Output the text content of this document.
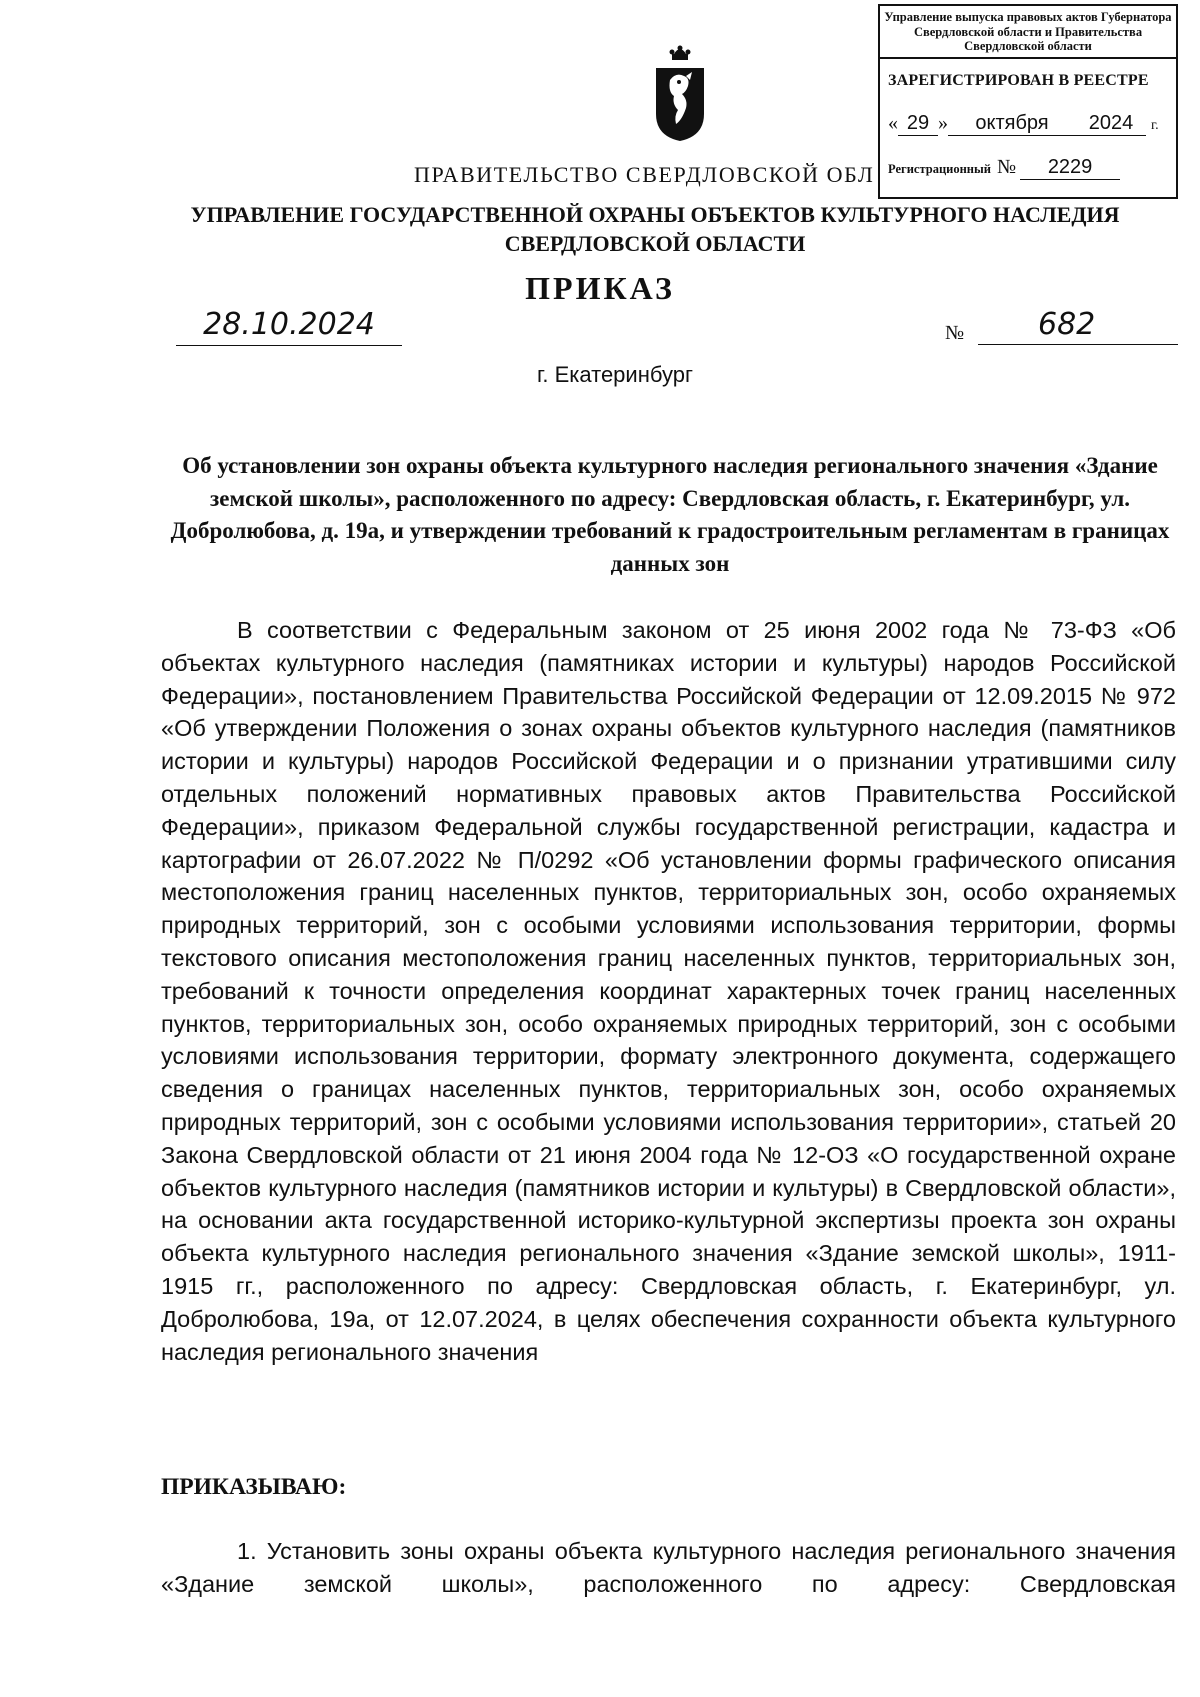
Управление выпуска правовых актов Губернатора Свердловской области и Правительства Свердловской области
ЗАРЕГИСТРИРОВАН В РЕЕСТРЕ
« 29 » октября 2024 г.
Регистрационный № 2229
ПРАВИТЕЛЬСТВО СВЕРДЛОВСКОЙ ОБЛ
УПРАВЛЕНИЕ ГОСУДАРСТВЕННОЙ ОХРАНЫ ОБЪЕКТОВ КУЛЬТУРНОГО НАСЛЕДИЯ СВЕРДЛОВСКОЙ ОБЛАСТИ
ПРИКАЗ
28.10.2024	№	682
г. Екатеринбург
Об установлении зон охраны объекта культурного наследия регионального значения «Здание земской школы», расположенного по адресу: Свердловская область, г. Екатеринбург, ул. Добролюбова, д. 19а, и утверждении требований к градостроительным регламентам в границах данных зон

В соответствии с Федеральным законом от 25 июня 2002 года № 73-ФЗ «Об объектах культурного наследия (памятниках истории и культуры) народов Российской Федерации», постановлением Правительства Российской Федерации от 12.09.2015 № 972 «Об утверждении Положения о зонах охраны объектов культурного наследия (памятников истории и культуры) народов Российской Федерации и о признании утратившими силу отдельных положений нормативных правовых актов Правительства Российской Федерации», приказом Федеральной службы государственной регистрации, кадастра и картографии от 26.07.2022 № П/0292 «Об установлении формы графического описания местоположения границ населенных пунктов, территориальных зон, особо охраняемых природных территорий, зон с особыми условиями использования территории, формы текстового описания местоположения границ населенных пунктов, территориальных зон, требований к точности определения координат характерных точек границ населенных пунктов, территориальных зон, особо охраняемых природных территорий, зон с особыми условиями использования территории, формату электронного документа, содержащего сведения о границах населенных пунктов, территориальных зон, особо охраняемых природных территорий, зон с особыми условиями использования территории», статьей 20 Закона Свердловской области от 21 июня 2004 года № 12-ОЗ «О государственной охране объектов культурного наследия (памятников истории и культуры) в Свердловской области», на основании акта государственной историко-культурной экспертизы проекта зон охраны объекта культурного наследия регионального значения «Здание земской школы», 1911-1915 гг., расположенного по адресу: Свердловская область, г. Екатеринбург, ул. Добролюбова, 19а, от 12.07.2024, в целях обеспечения сохранности объекта культурного наследия регионального значения

ПРИКАЗЫВАЮ:

1. Установить зоны охраны объекта культурного наследия регионального значения «Здание земской школы», расположенного по адресу: Свердловская
